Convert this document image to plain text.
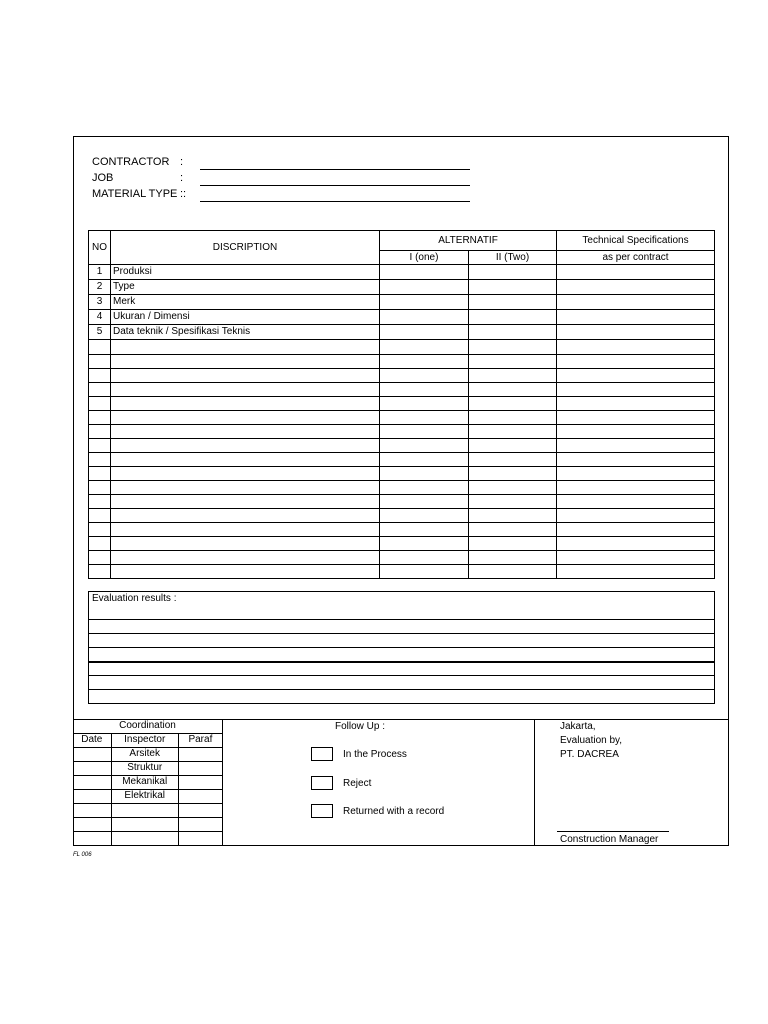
CONTRACTOR :
JOB	:
MATERIAL TYPE ::
NO	DISCRIPTION	ALTERNATIF		Technical Specifications
		I (one)	II (Two)	as per contract
1	Produksi			
2	Type			
3	Merk			
4	Ukuran / Dimensi			
5	Data teknik / Spesifikasi Teknis			

Evaluation results :

Coordination		
Date	Inspector	Paraf
	Arsitek	
	Struktur	
	Mekanikal	
	Elektrikal	

Follow Up :
In the Process
Reject
Returned with a record
Jakarta,
Evaluation by,
PT. DACREA
Construction Manager
FL 006
